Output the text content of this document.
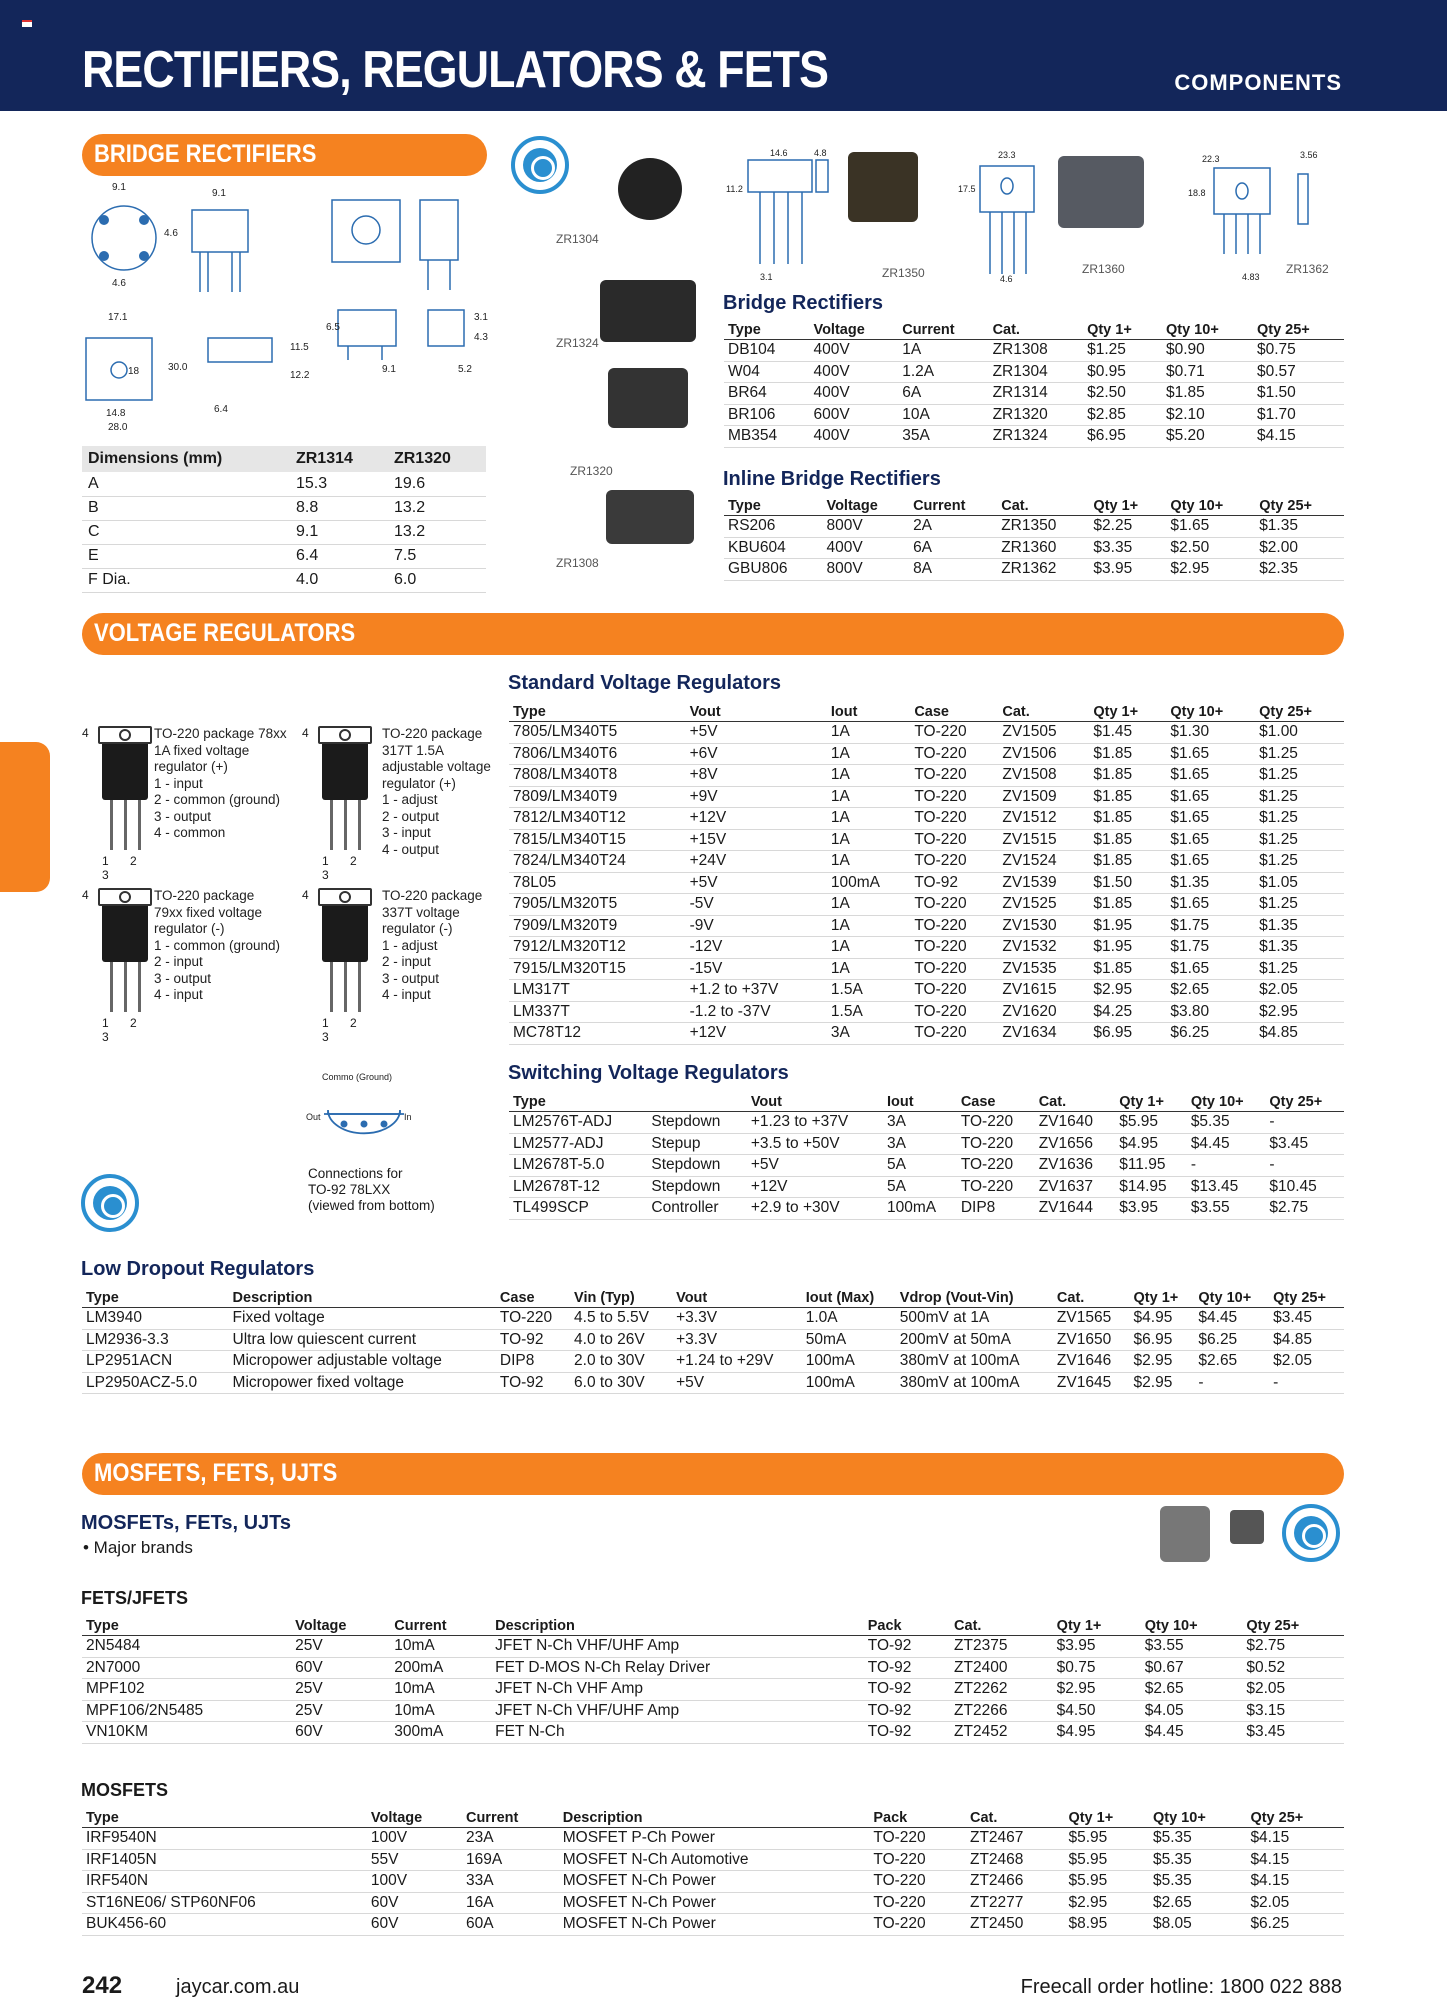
RECTIFIERS, REGULATORS & FETS	COMPONENTS
BRIDGE RECTIFIERS
9.1
9.1
4.6
4.6
17.1
30.0
11.5
12.2
14.8
28.0
6.4
6.5
9.1	5.2
3.1
4.3
18
Dimensions (mm)	ZR1314	ZR1320
A	15.3	19.6
B	8.8	13.2
C	9.1	13.2
E	6.4	7.5
F Dia.	4.0	6.0
ZR1304
ZR1324
ZR1320
ZR1308
14.6	4.8
11.2
3.1
17.5
23.3
4.6
22.3	3.56
18.8
4.83
ZR1350	ZR1360	ZR1362
Bridge Rectifiers
Type	Voltage	Current	Cat.	Qty 1+	Qty 10+	Qty 25+
DB104	400V	1A	ZR1308	$1.25	$0.90	$0.75
W04	400V	1.2A	ZR1304	$0.95	$0.71	$0.57
BR64	400V	6A	ZR1314	$2.50	$1.85	$1.50
BR106	600V	10A	ZR1320	$2.85	$2.10	$1.70
MB354	400V	35A	ZR1324	$6.95	$5.20	$4.15
Inline Bridge Rectifiers
Type	Voltage	Current	Cat.	Qty 1+	Qty 10+	Qty 25+
RS206	800V	2A	ZR1350	$2.25	$1.65	$1.35
KBU604	400V	6A	ZR1360	$3.35	$2.50	$2.00
GBU806	800V	8A	ZR1362	$3.95	$2.95	$2.35
VOLTAGE REGULATORS
4
1 2 3
TO-220 package 78xx
1A fixed voltage
regulator (+)
1 - input
2 - common (ground)
3 - output
4 - common
4
1 2 3
TO-220 package
317T 1.5A
adjustable voltage
regulator (+)
1 - adjust
2 - output
3 - input
4 - output
4
1 2 3
TO-220 package
79xx fixed voltage
regulator (-)
1 - common (ground)
2 - input
3 - output
4 - input
4
1 2 3
TO-220 package
337T voltage
regulator (-)
1 - adjust
2 - input
3 - output
4 - input
Commo (Ground)
Out	In
Connections for
TO-92 78LXX
(viewed from bottom)
Standard Voltage Regulators
Type	Vout	Iout	Case	Cat.	Qty 1+	Qty 10+	Qty 25+
7805/LM340T5	+5V	1A	TO-220	ZV1505	$1.45	$1.30	$1.00
7806/LM340T6	+6V	1A	TO-220	ZV1506	$1.85	$1.65	$1.25
7808/LM340T8	+8V	1A	TO-220	ZV1508	$1.85	$1.65	$1.25
7809/LM340T9	+9V	1A	TO-220	ZV1509	$1.85	$1.65	$1.25
7812/LM340T12	+12V	1A	TO-220	ZV1512	$1.85	$1.65	$1.25
7815/LM340T15	+15V	1A	TO-220	ZV1515	$1.85	$1.65	$1.25
7824/LM340T24	+24V	1A	TO-220	ZV1524	$1.85	$1.65	$1.25
78L05	+5V	100mA	TO-92	ZV1539	$1.50	$1.35	$1.05
7905/LM320T5	-5V	1A	TO-220	ZV1525	$1.85	$1.65	$1.25
7909/LM320T9	-9V	1A	TO-220	ZV1530	$1.95	$1.75	$1.35
7912/LM320T12	-12V	1A	TO-220	ZV1532	$1.95	$1.75	$1.35
7915/LM320T15	-15V	1A	TO-220	ZV1535	$1.85	$1.65	$1.25
LM317T	+1.2 to +37V	1.5A	TO-220	ZV1615	$2.95	$2.65	$2.05
LM337T	-1.2 to -37V	1.5A	TO-220	ZV1620	$4.25	$3.80	$2.95
MC78T12	+12V	3A	TO-220	ZV1634	$6.95	$6.25	$4.85
Switching Voltage Regulators
Type		Vout	Iout	Case	Cat.	Qty 1+	Qty 10+	Qty 25+
LM2576T-ADJ	Stepdown	+1.23 to +37V	3A	TO-220	ZV1640	$5.95	$5.35	-
LM2577-ADJ	Stepup	+3.5 to +50V	3A	TO-220	ZV1656	$4.95	$4.45	$3.45
LM2678T-5.0	Stepdown	+5V	5A	TO-220	ZV1636	$11.95	-	-
LM2678T-12	Stepdown	+12V	5A	TO-220	ZV1637	$14.95	$13.45	$10.45
TL499SCP	Controller	+2.9 to +30V	100mA	DIP8	ZV1644	$3.95	$3.55	$2.75
Low Dropout Regulators
Type	Description	Case	Vin (Typ)	Vout	Iout (Max)	Vdrop (Vout-Vin)	Cat.	Qty 1+	Qty 10+	Qty 25+
LM3940	Fixed voltage	TO-220	4.5 to 5.5V	+3.3V	1.0A	500mV at 1A	ZV1565	$4.95	$4.45	$3.45
LM2936-3.3	Ultra low quiescent current	TO-92	4.0 to 26V	+3.3V	50mA	200mV at 50mA	ZV1650	$6.95	$6.25	$4.85
LP2951ACN	Micropower adjustable voltage	DIP8	2.0 to 30V	+1.24 to +29V	100mA	380mV at 100mA	ZV1646	$2.95	$2.65	$2.05
LP2950ACZ-5.0	Micropower fixed voltage	TO-92	6.0 to 30V	+5V	100mA	380mV at 100mA	ZV1645	$2.95	-	-
MOSFETS, FETS, UJTS
MOSFETs, FETs, UJTs
• Major brands
FETS/JFETS
Type	Voltage	Current	Description	Pack	Cat.	Qty 1+	Qty 10+	Qty 25+
2N5484	25V	10mA	JFET N-Ch VHF/UHF Amp	TO-92	ZT2375	$3.95	$3.55	$2.75
2N7000	60V	200mA	FET D-MOS N-Ch Relay Driver	TO-92	ZT2400	$0.75	$0.67	$0.52
MPF102	25V	10mA	JFET N-Ch VHF Amp	TO-92	ZT2262	$2.95	$2.65	$2.05
MPF106/2N5485	25V	10mA	JFET N-Ch VHF/UHF Amp	TO-92	ZT2266	$4.50	$4.05	$3.15
VN10KM	60V	300mA	FET N-Ch	TO-92	ZT2452	$4.95	$4.45	$3.45
MOSFETS
Type	Voltage	Current	Description	Pack	Cat.	Qty 1+	Qty 10+	Qty 25+
IRF9540N	100V	23A	MOSFET P-Ch Power	TO-220	ZT2467	$5.95	$5.35	$4.15
IRF1405N	55V	169A	MOSFET N-Ch Automotive	TO-220	ZT2468	$5.95	$5.35	$4.15
IRF540N	100V	33A	MOSFET N-Ch Power	TO-220	ZT2466	$5.95	$5.35	$4.15
ST16NE06/ STP60NF06	60V	16A	MOSFET N-Ch Power	TO-220	ZT2277	$2.95	$2.65	$2.05
BUK456-60	60V	60A	MOSFET N-Ch Power	TO-220	ZT2450	$8.95	$8.05	$6.25
242	jaycar.com.au	Freecall order hotline: 1800 022 888
